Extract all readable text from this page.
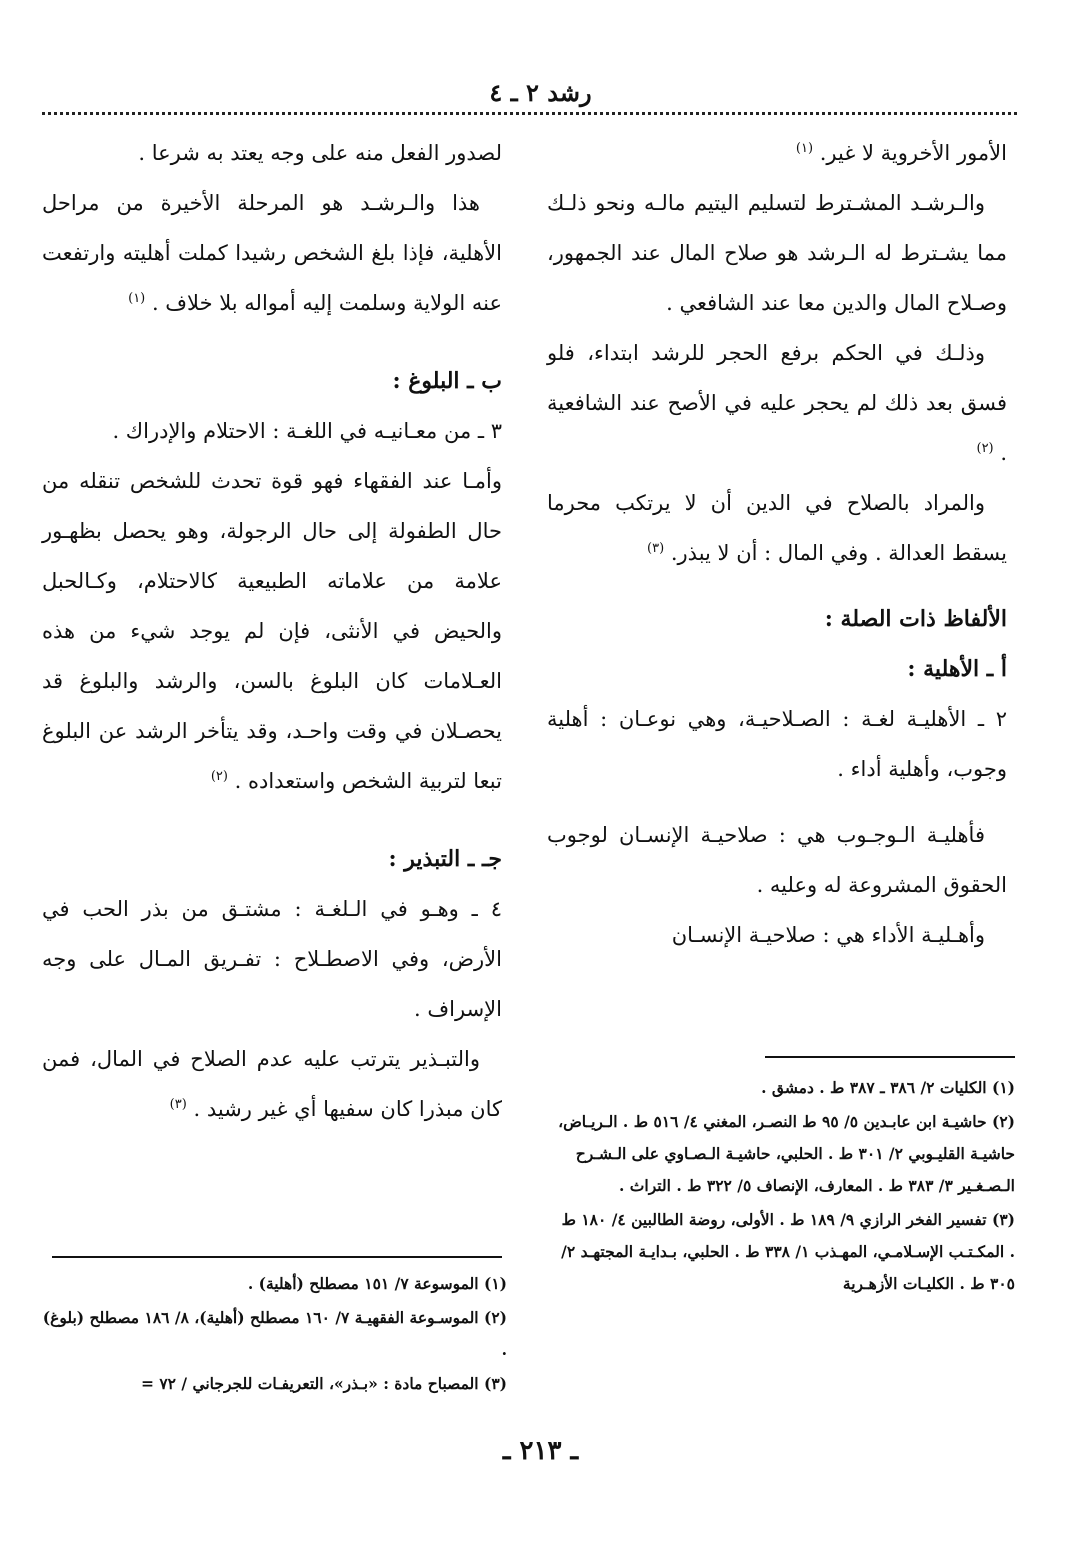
رشد ٢ ـ ٤

الأمور الأخروية لا غير. $^{(١)}$

والـرشـد المشـترط لتسليم اليتيم مالـه ونحو ذلـك مما يشـترط له الـرشد هو صلاح المال عند الجمهور، وصـلاح المال والدين معا عند الشافعي .

وذلـك في الحكم برفع الحجر للرشد ابتداء، فلو فسق بعد ذلك لم يحجر عليه في الأصح عند الشافعية . $^{(٢)}$

والمراد بالصلاح في الدين أن لا يرتكب محرما يسقط العدالة . وفي المال : أن لا يبذر. $^{(٣)}$

الألفاظ ذات الصلة :

أ ـ الأهلية :

٢ ـ الأهليـة لغـة : الصـلاحيـة، وهي نوعـان : أهلية وجوب، وأهلية أداء .

فأهليـة الـوجـوب هي : صلاحيـة الإنسـان لوجوب الحقوق المشروعة له وعليه .

وأهـليـة الأداء هي : صلاحيـة الإنسـان

لصدور الفعل منه على وجه يعتد به شرعا .

هذا والـرشـد هو المرحلة الأخيرة من مراحل الأهلية، فإذا بلغ الشخص رشيدا كملت أهليته وارتفعت عنه الولاية وسلمت إليه أمواله بلا خلاف . $^{(١)}$

ب ـ البلوغ :

٣ ـ من معـانيـه في اللغـة : الاحتلام والإدراك .

وأمـا عند الفقهاء فهو قوة تحدث للشخص تنقله من حال الطفولة إلى حال الرجولة، وهو يحصل بظهـور علامة من علاماته الطبيعية كالاحتلام، وكـالحبل والحيض في الأنثى، فإن لم يوجد شيء من هذه العـلامات كان البلوغ بالسن، والرشد والبلوغ قد يحصـلان في وقت واحـد، وقد يتأخر الرشد عن البلوغ تبعا لتربية الشخص واستعداده . $^{(٢)}$

جـ ـ التبذير :

٤ ـ وهـو في الـلغـة : مشتـق من بذر الحب في الأرض، وفي الاصطـلاح : تفـريق المـال على وجه الإسراف .

والتبـذير يترتب عليه عدم الصلاح في المال، فمن كان مبذرا كان سفيها أي غير رشيد . $^{(٣)}$

(١) الكليات ٢/ ٣٨٦ ـ ٣٨٧ ط . دمشق .

(٢) حاشيـة ابن عابـدين ٥/ ٩٥ ط النصـر، المغني ٤/ ٥١٦ ط . الـريـاض، حاشيـة القليـوبي ٢/ ٣٠١ ط . الحلبي، حاشيـة الـصـاوي على الـشـرح الـصـغـير ٣/ ٣٨٣ ط . المعارف، الإنصاف ٥/ ٣٢٢ ط . التراث .

(٣) تفسير الفخر الرازي ٩/ ١٨٩ ط . الأولى، روضة الطالبين ٤/ ١٨٠ ط . المكـتـب الإسـلامـي، المهـذب ١/ ٣٣٨ ط . الحلبي، بـدايـة المجتهـد ٢/ ٣٠٥ ط . الكليـات الأزهـرية

(١) الموسوعة ٧/ ١٥١ مصطلح (أهلية) .

(٢) الموسـوعة الفقهيـة ٧/ ١٦٠ مصطلح (أهلية)، ٨/ ١٨٦ مصطلح (بلوغ) .

(٣) المصباح مادة : «بـذر»، التعريفـات للجرجاني / ٧٢ =

ـ ٢١٣ ـ
